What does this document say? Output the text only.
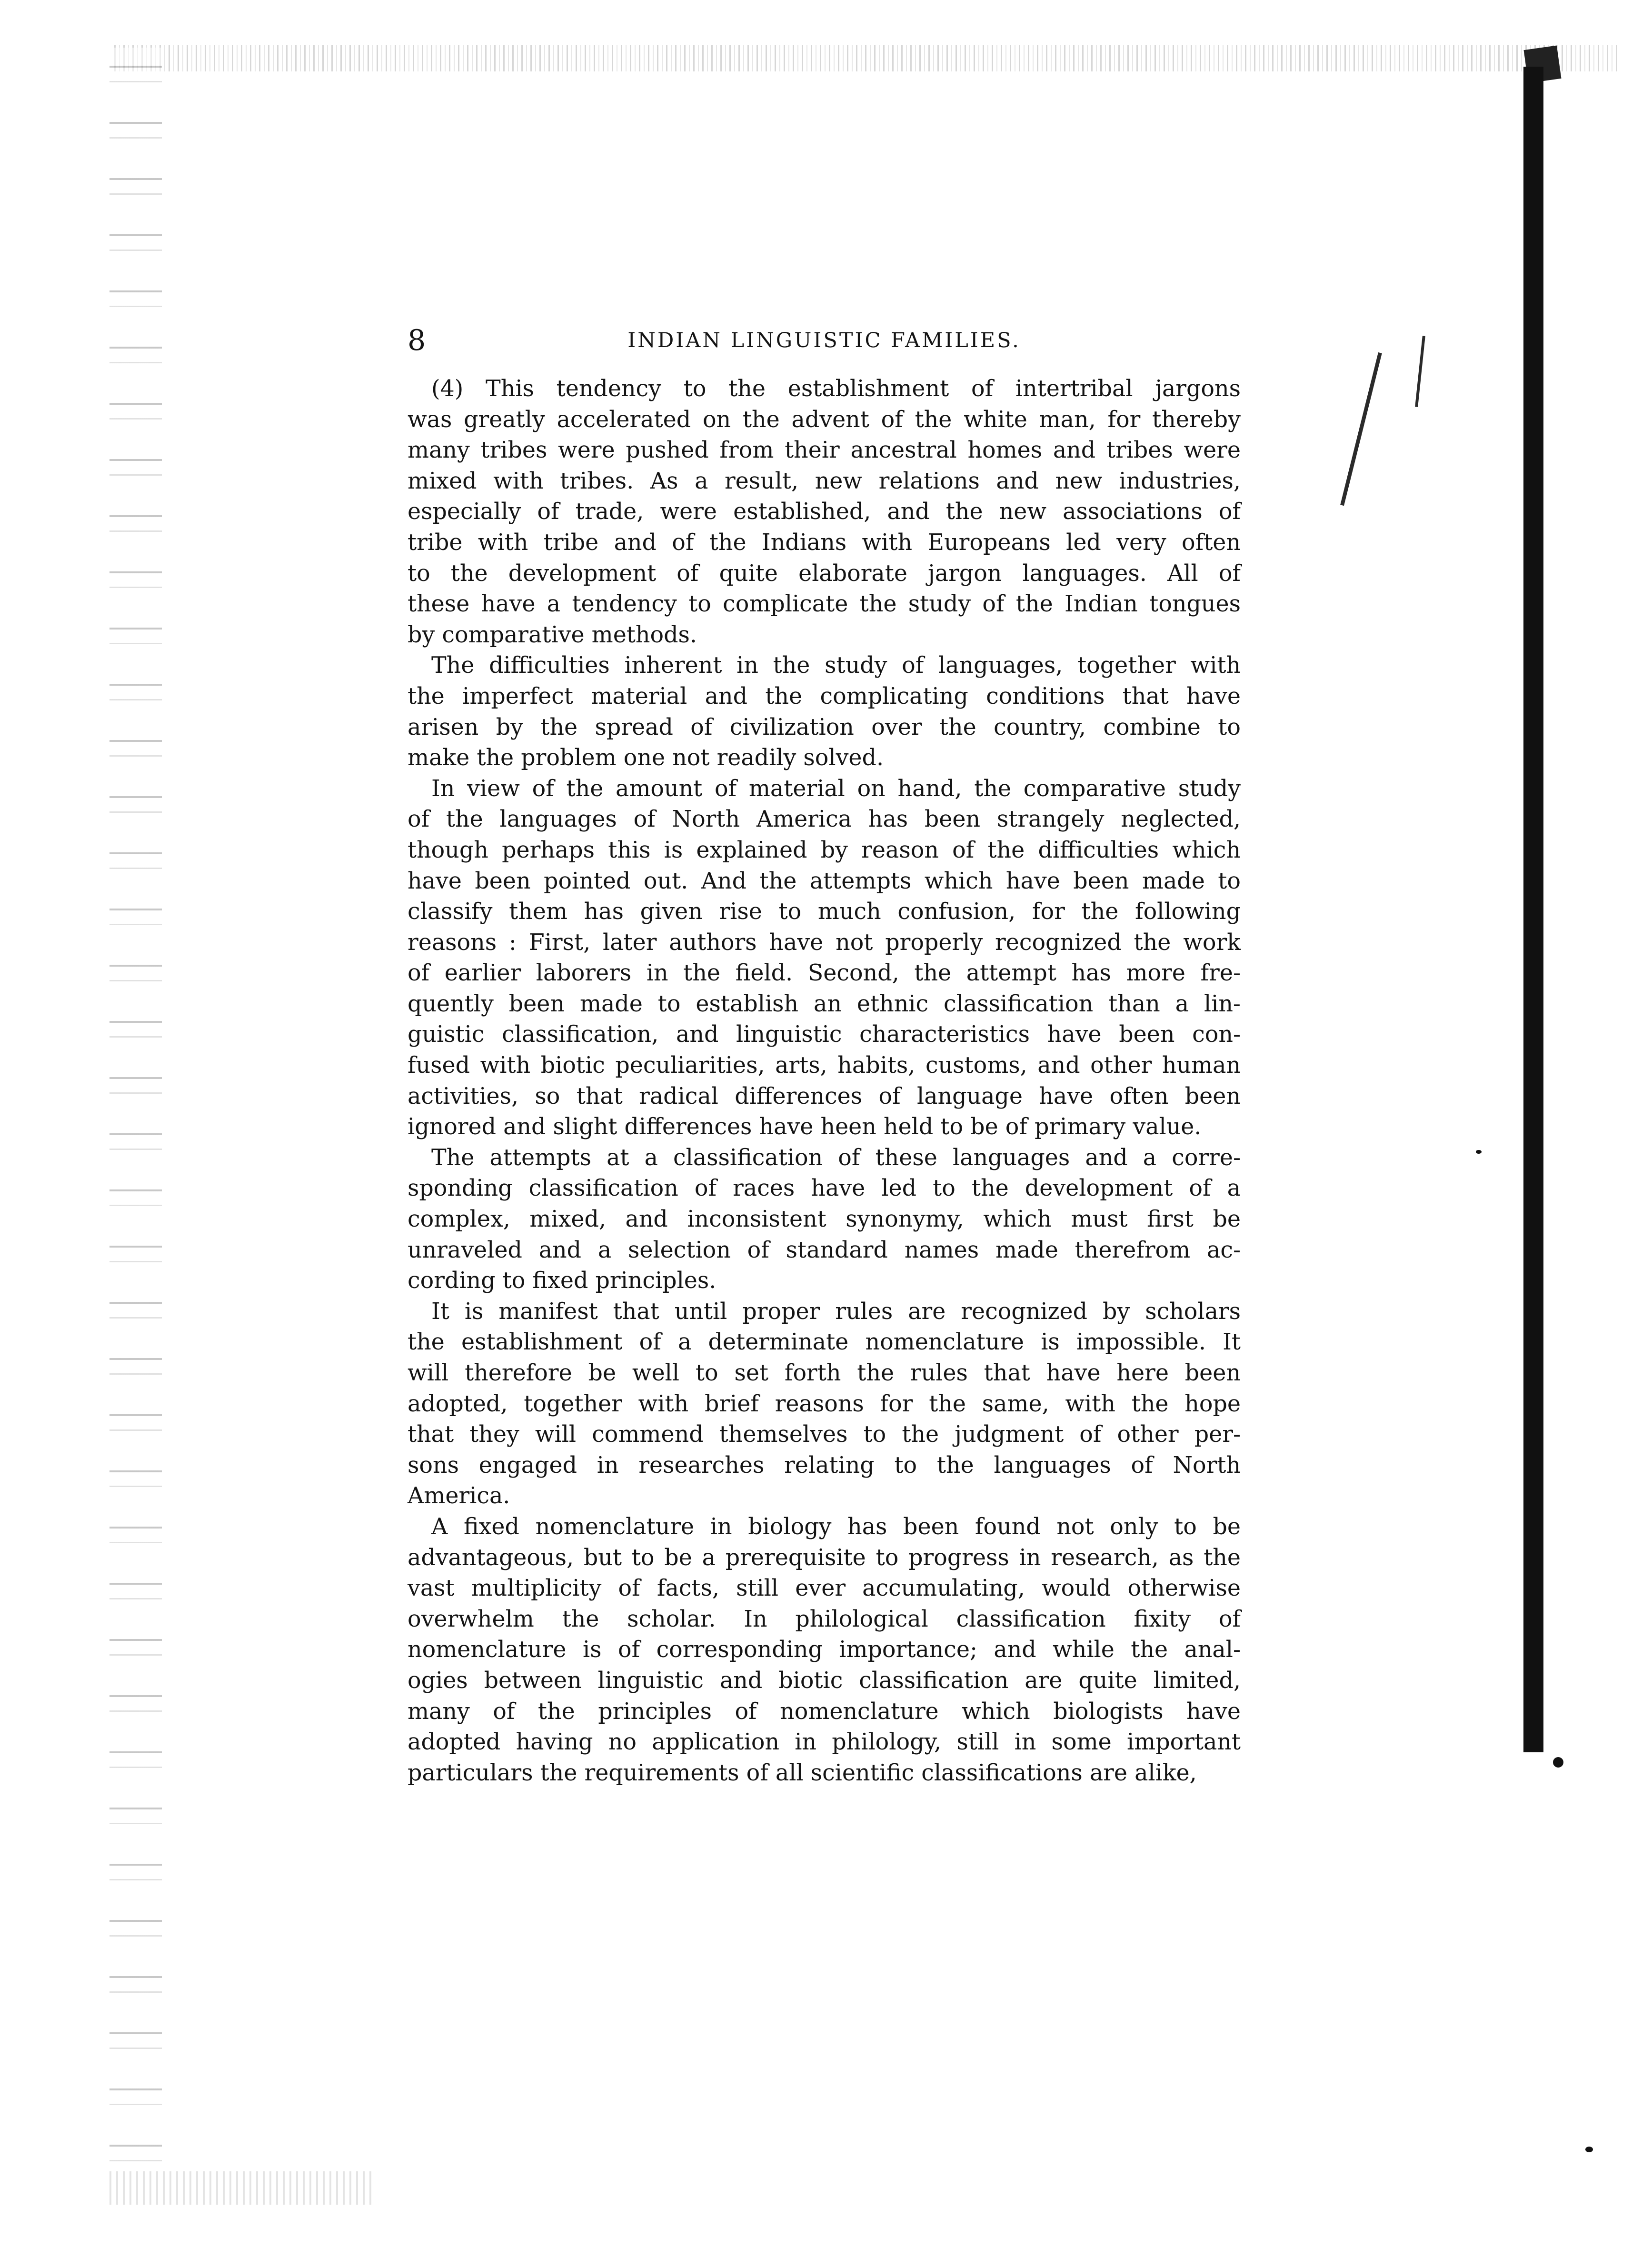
8	INDIAN LINGUISTIC FAMILIES.
(4) This tendency to the establishment of intertribal jargons
was greatly accelerated on the advent of the white man, for thereby
many tribes were pushed from their ancestral homes and tribes were
mixed with tribes. As a result, new relations and new industries,
especially of trade, were established, and the new associations of
tribe with tribe and of the Indians with Europeans led very often
to the development of quite elaborate jargon languages. All of
these have a tendency to complicate the study of the Indian tongues
by comparative methods.
The difficulties inherent in the study of languages, together with
the imperfect material and the complicating conditions that have
arisen by the spread of civilization over the country, combine to
make the problem one not readily solved.
In view of the amount of material on hand, the comparative study
of the languages of North America has been strangely neglected,
though perhaps this is explained by reason of the difficulties which
have been pointed out. And the attempts which have been made to
classify them has given rise to much confusion, for the following
reasons : First, later authors have not properly recognized the work
of earlier laborers in the field. Second, the attempt has more fre-
quently been made to establish an ethnic classification than a lin-
guistic classification, and linguistic characteristics have been con-
fused with biotic peculiarities, arts, habits, customs, and other human
activities, so that radical differences of language have often been
ignored and slight differences have heen held to be of primary value.
The attempts at a classification of these languages and a corre-
sponding classification of races have led to the development of a
complex, mixed, and inconsistent synonymy, which must first be
unraveled and a selection of standard names made therefrom ac-
cording to fixed principles.
It is manifest that until proper rules are recognized by scholars
the establishment of a determinate nomenclature is impossible. It
will therefore be well to set forth the rules that have here been
adopted, together with brief reasons for the same, with the hope
that they will commend themselves to the judgment of other per-
sons engaged in researches relating to the languages of North
America.
A fixed nomenclature in biology has been found not only to be
advantageous, but to be a prerequisite to progress in research, as the
vast multiplicity of facts, still ever accumulating, would otherwise
overwhelm the scholar. In philological classification fixity of
nomenclature is of corresponding importance; and while the anal-
ogies between linguistic and biotic classification are quite limited,
many of the principles of nomenclature which biologists have
adopted having no application in philology, still in some important
particulars the requirements of all scientific classifications are alike,
